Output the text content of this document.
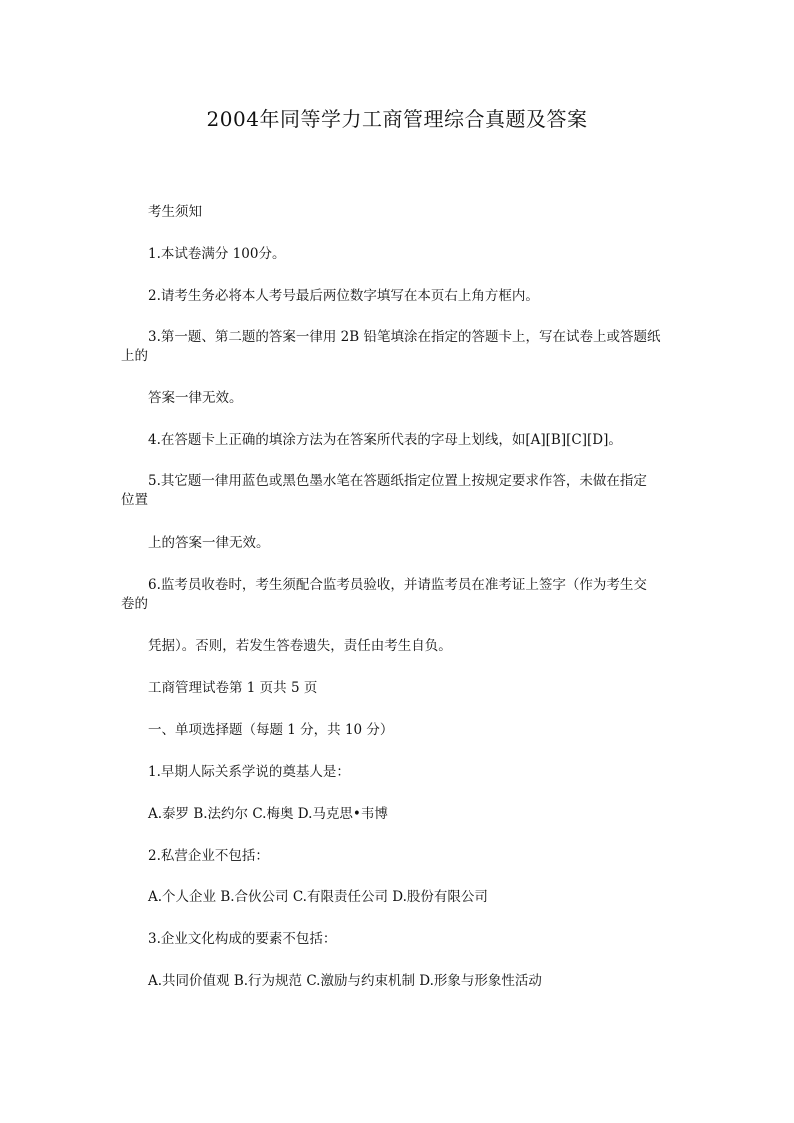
2004年同等学力工商管理综合真题及答案
考生须知
1.本试卷满分 100分。
2.请考生务必将本人考号最后两位数字填写在本页右上角方框内。
3.第一题、第二题的答案一律用 2B 铅笔填涂在指定的答题卡上，写在试卷上或答题纸
上的
答案一律无效。
4.在答题卡上正确的填涂方法为在答案所代表的字母上划线，如[A][B][C][D]。
5.其它题一律用蓝色或黑色墨水笔在答题纸指定位置上按规定要求作答，未做在指定
位置
上的答案一律无效。
6.监考员收卷时，考生须配合监考员验收，并请监考员在准考证上签字（作为考生交
卷的
凭据）。否则，若发生答卷遗失，责任由考生自负。
工商管理试卷第 1 页共 5 页
一、单项选择题（每题 1 分，共 10 分）
1.早期人际关系学说的奠基人是：
A.泰罗 B.法约尔 C.梅奥 D.马克思•韦博
2.私营企业不包括：
A.个人企业 B.合伙公司 C.有限责任公司 D.股份有限公司
3.企业文化构成的要素不包括：
A.共同价值观 B.行为规范 C.激励与约束机制 D.形象与形象性活动
